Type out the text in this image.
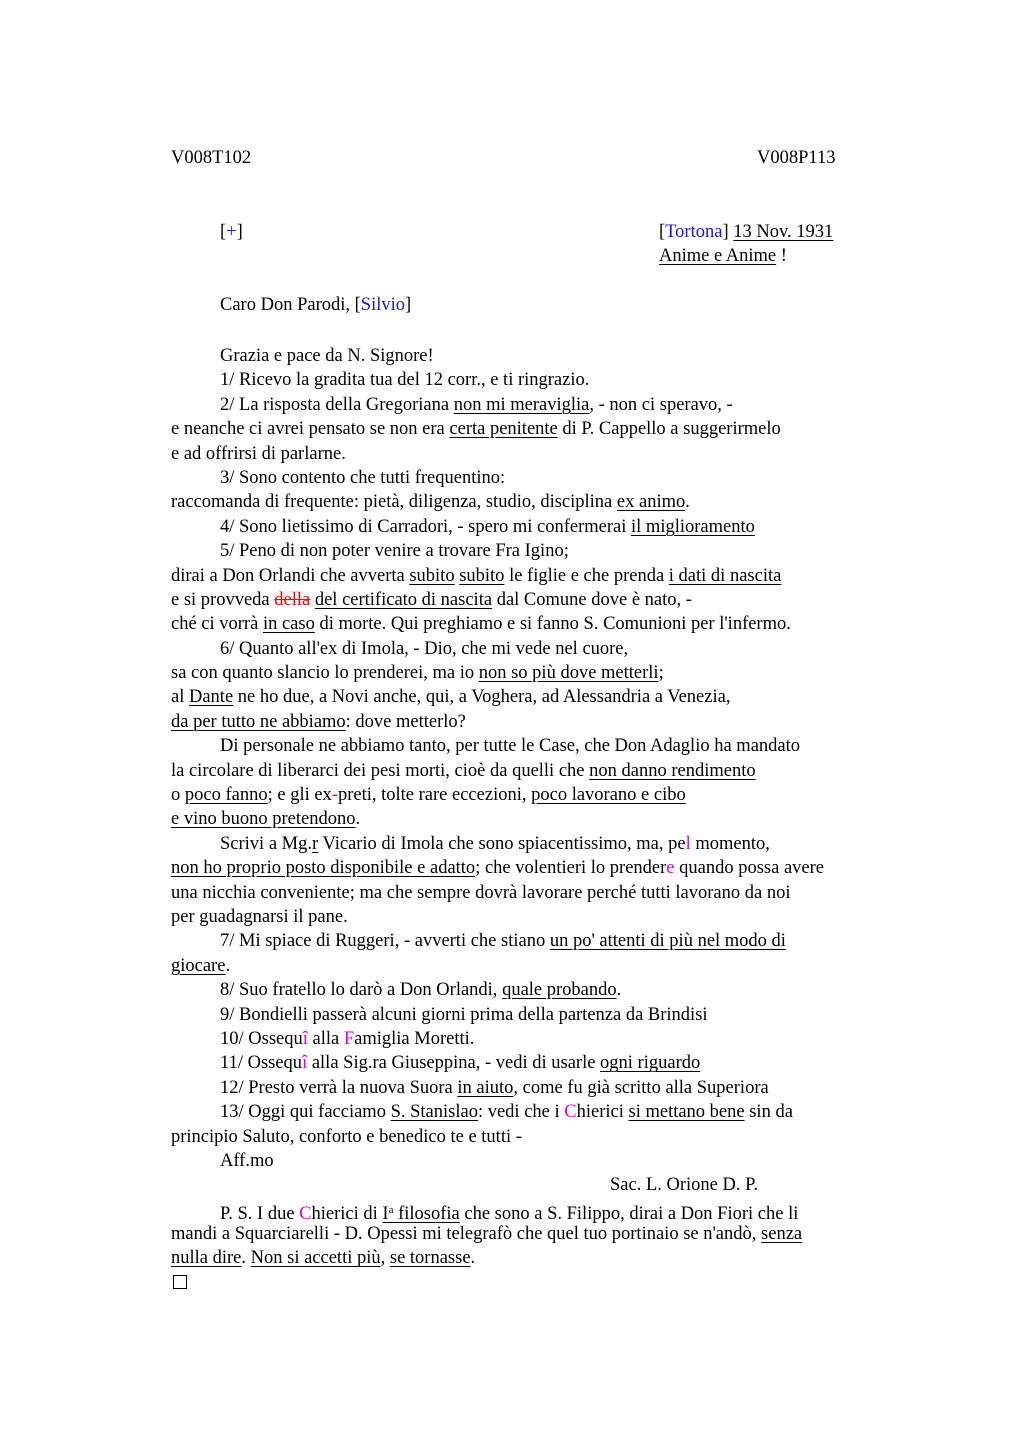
V008T102	V008P113
[+]	[Tortona] 13 Nov. 1931
Anime e Anime !
Caro Don Parodi, [Silvio]
Grazia e pace da N. Signore!
1/ Ricevo la gradita tua del 12 corr., e ti ringrazio.
2/ La risposta della Gregoriana non mi meraviglia, - non ci speravo, -
e neanche ci avrei pensato se non era certa penitente di P. Cappello a suggerirmelo
e ad offrirsi di parlarne.
3/ Sono contento che tutti frequentino:
raccomanda di frequente: pietà, diligenza, studio, disciplina ex animo.
4/ Sono lietissimo di Carradori, - spero mi confermerai il miglioramento
5/ Peno di non poter venire a trovare Fra Igino;
dirai a Don Orlandi che avverta subito subito le figlie e che prenda i dati di nascita
e si provveda della del certificato di nascita dal Comune dove è nato, -
ché ci vorrà in caso di morte. Qui preghiamo e si fanno S. Comunioni per l'infermo.
6/ Quanto all'ex di Imola, - Dio, che mi vede nel cuore,
sa con quanto slancio lo prenderei, ma io non so più dove metterli;
al Dante ne ho due, a Novi anche, qui, a Voghera, ad Alessandria a Venezia,
da per tutto ne abbiamo: dove metterlo?
Di personale ne abbiamo tanto, per tutte le Case, che Don Adaglio ha mandato
la circolare di liberarci dei pesi morti, cioè da quelli che non danno rendimento
o poco fanno; e gli ex-preti, tolte rare eccezioni, poco lavorano e cibo
e vino buono pretendono.
Scrivi a Mg.r Vicario di Imola che sono spiacentissimo, ma, pel momento,
non ho proprio posto disponibile e adatto; che volentieri lo prendere quando possa avere
una nicchia conveniente; ma che sempre dovrà lavorare perché tutti lavorano da noi
per guadagnarsi il pane.
7/ Mi spiace di Ruggeri, - avverti che stiano un po' attenti di più nel modo di
giocare.
8/ Suo fratello lo darò a Don Orlandi, quale probando.
9/ Bondielli passerà alcuni giorni prima della partenza da Brindisi
10/ Ossequî alla Famiglia Moretti.
11/ Ossequî alla Sig.ra Giuseppina, - vedi di usarle ogni riguardo
12/ Presto verrà la nuova Suora in aiuto, come fu già scritto alla Superiora
13/ Oggi qui facciamo S. Stanislao: vedi che i Chierici si mettano bene sin da
principio Saluto, conforto e benedico te e tutti -
Aff.mo
Sac. L. Orione D. P.
P. S. I due Chierici di $I^a$ filosofia che sono a S. Filippo, dirai a Don Fiori che li
mandi a Squarciarelli - D. Opessi mi telegrafò che quel tuo portinaio se n'andò, senza
nulla dire. Non si accetti più, se tornasse.
